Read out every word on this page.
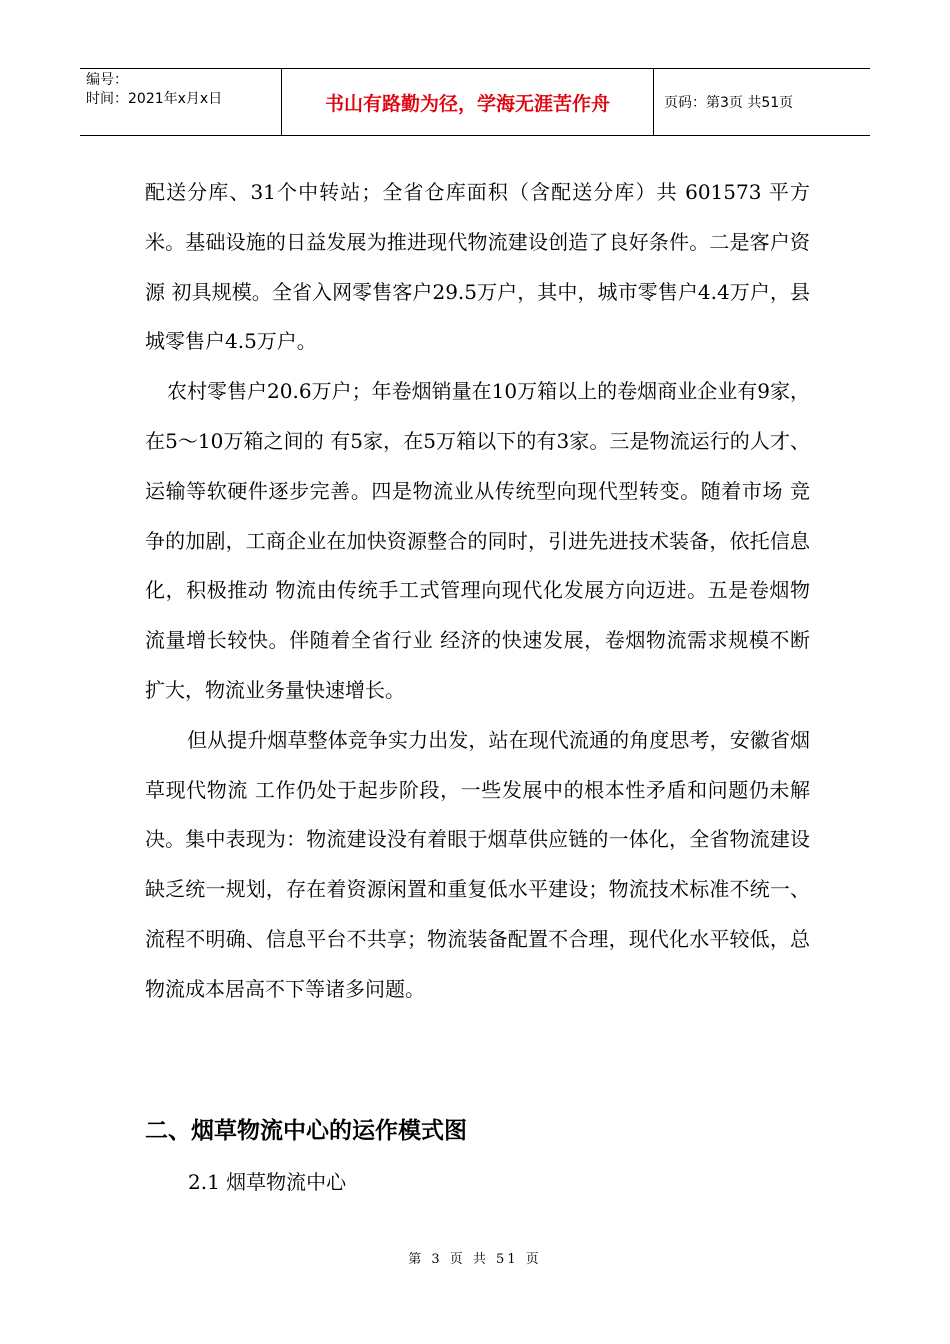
编号：
时间：2021年x月x日	书山有路勤为径，学海无涯苦作舟	页码：第3页 共51页

配送分库、31个中转站；全省仓库面积（含配送分库）共 601573 平方米。基础设施的日益发展为推进现代物流建设创造了良好条件。二是客户资源 初具规模。全省入网零售客户29.5万户，其中，城市零售户4.4万户，县城零售户4.5万户。

农村零售户20.6万户；年卷烟销量在10万箱以上的卷烟商业企业有9家，在5～10万箱之间的 有5家，在5万箱以下的有3家。三是物流运行的人才、运输等软硬件逐步完善。四是物流业从传统型向现代型转变。随着市场 竞争的加剧，工商企业在加快资源整合的同时，引进先进技术装备，依托信息化，积极推动 物流由传统手工式管理向现代化发展方向迈进。五是卷烟物流量增长较快。伴随着全省行业 经济的快速发展，卷烟物流需求规模不断扩大，物流业务量快速增长。

但从提升烟草整体竞争实力出发，站在现代流通的角度思考，安徽省烟草现代物流 工作仍处于起步阶段，一些发展中的根本性矛盾和问题仍未解决。集中表现为：物流建设没有着眼于烟草供应链的一体化，全省物流建设缺乏统一规划，存在着资源闲置和重复低水平建设；物流技术标准不统一、流程不明确、信息平台不共享；物流装备配置不合理，现代化水平较低，总物流成本居高不下等诸多问题。

二、烟草物流中心的运作模式图
2.1 烟草物流中心
第 3 页 共 51 页
